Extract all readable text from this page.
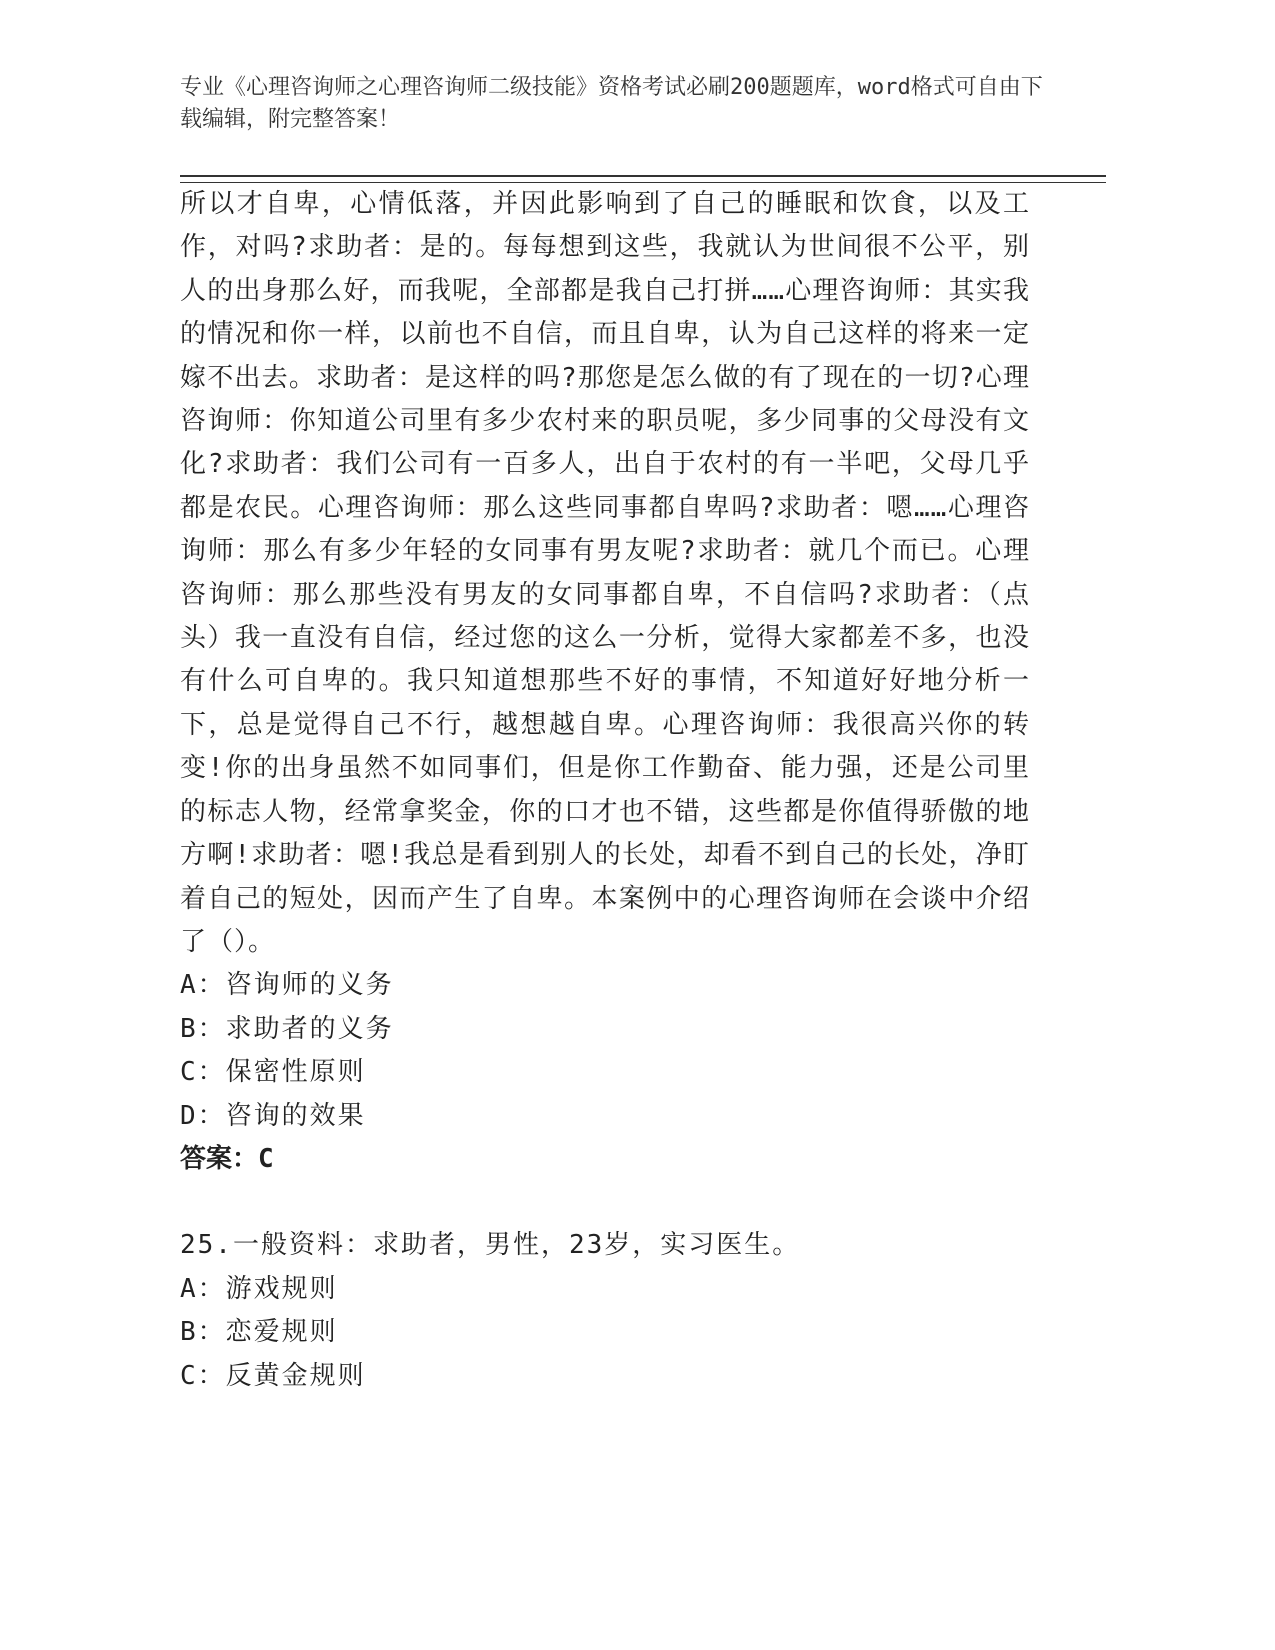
专业《心理咨询师之心理咨询师二级技能》资格考试必刷200题题库，word格式可自由下载编辑，附完整答案！

所以才自卑，心情低落，并因此影响到了自己的睡眠和饮食，以及工作，对吗?求助者：是的。每每想到这些，我就认为世间很不公平，别人的出身那么好，而我呢，全部都是我自己打拼……心理咨询师：其实我的情况和你一样，以前也不自信，而且自卑，认为自己这样的将来一定嫁不出去。求助者：是这样的吗?那您是怎么做的有了现在的一切?心理咨询师：你知道公司里有多少农村来的职员呢，多少同事的父母没有文化?求助者：我们公司有一百多人，出自于农村的有一半吧，父母几乎都是农民。心理咨询师：那么这些同事都自卑吗?求助者：嗯……心理咨询师：那么有多少年轻的女同事有男友呢?求助者：就几个而已。心理咨询师：那么那些没有男友的女同事都自卑，不自信吗?求助者：（点头）我一直没有自信，经过您的这么一分析，觉得大家都差不多，也没有什么可自卑的。我只知道想那些不好的事情，不知道好好地分析一下，总是觉得自己不行，越想越自卑。心理咨询师：我很高兴你的转变!你的出身虽然不如同事们，但是你工作勤奋、能力强，还是公司里的标志人物，经常拿奖金，你的口才也不错，这些都是你值得骄傲的地方啊!求助者：嗯!我总是看到别人的长处，却看不到自己的长处，净盯着自己的短处，因而产生了自卑。本案例中的心理咨询师在会谈中介绍了（）。

A：咨询师的义务

B：求助者的义务

C：保密性原则

D：咨询的效果

答案：C

25.一般资料：求助者，男性，23岁，实习医生。

A：游戏规则

B：恋爱规则

C：反黄金规则
